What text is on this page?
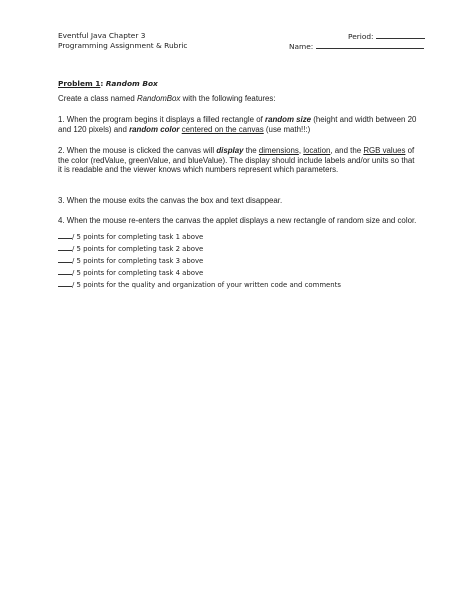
Eventful Java Chapter 3
Programming Assignment & Rubric
Period:
Name:
Problem 1: Random Box
Create a class named RandomBox with the following features:
1. When the program begins it displays a filled rectangle of random size (height and width between 20 and 120 pixels) and random color centered on the canvas (use math!!:)
2. When the mouse is clicked the canvas will display the dimensions, location, and the RGB values of the color (redValue, greenValue, and blueValue). The display should include labels and/or units so that it is readable and the viewer knows which numbers represent which parameters.
3. When the mouse exits the canvas the box and text disappear.
4. When the mouse re-enters the canvas the applet displays a new rectangle of random size and color.
/ 5 points for completing task 1 above
/ 5 points for completing task 2 above
/ 5 points for completing task 3 above
/ 5 points for completing task 4 above
/ 5 points for the quality and organization of your written code and comments
